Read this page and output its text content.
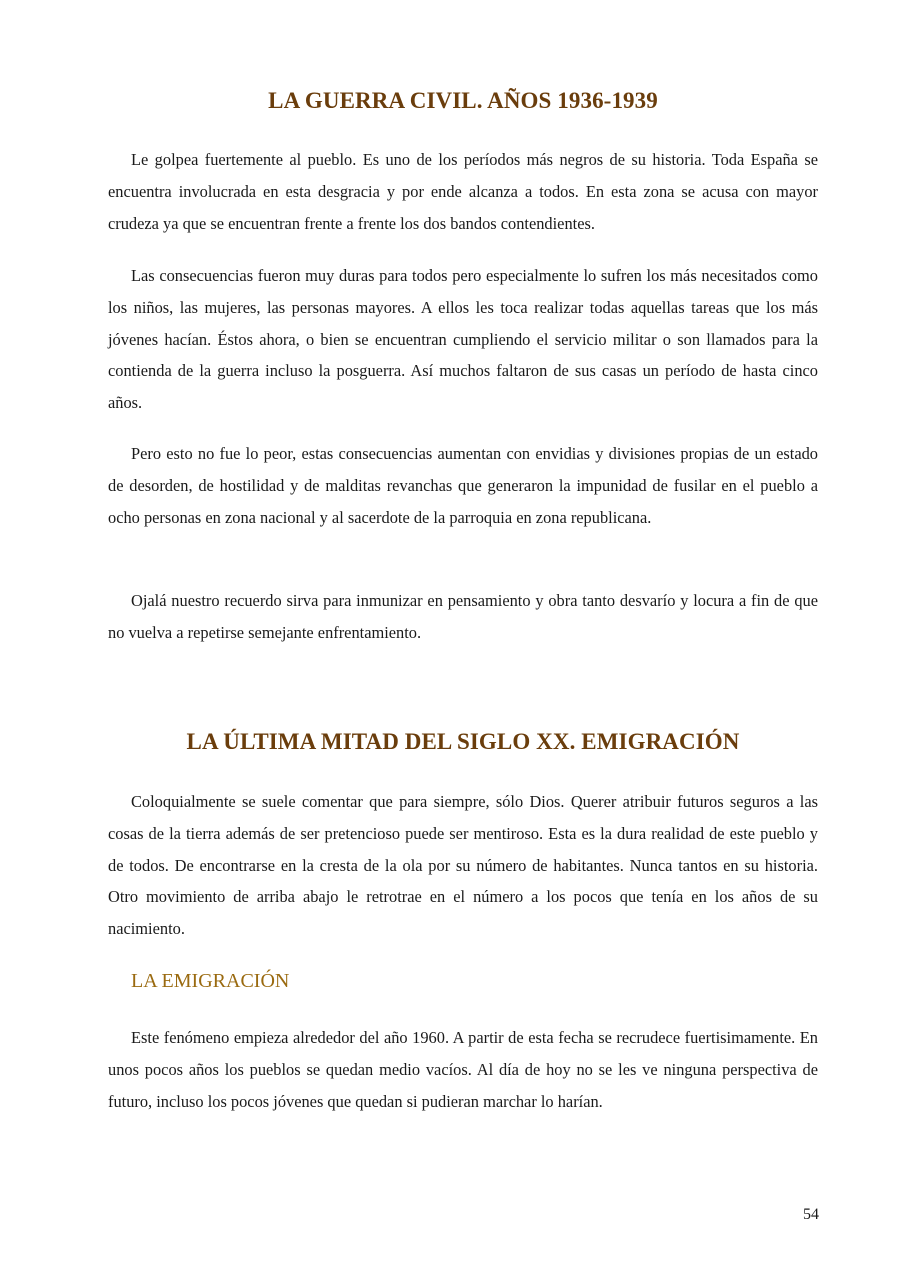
LA GUERRA CIVIL. AÑOS 1936-1939

Le golpea fuertemente al pueblo. Es uno de los períodos más negros de su historia. Toda España se encuentra involucrada en esta desgracia y por ende alcanza a todos. En esta zona se acusa con mayor crudeza ya que se encuentran frente a frente los dos bandos contendientes.

Las consecuencias fueron muy duras para todos pero especialmente lo sufren los más necesitados como los niños, las mujeres, las personas mayores. A ellos les toca realizar todas aquellas tareas que los más jóvenes hacían. Éstos ahora, o bien se encuentran cumpliendo el servicio militar o son llamados para la contienda de la guerra incluso la posguerra. Así muchos faltaron de sus casas un período de hasta cinco años.

Pero esto no fue lo peor, estas consecuencias aumentan con envidias y divisiones propias de un estado de desorden, de hostilidad y de malditas revanchas que generaron la impunidad de fusilar en el pueblo a ocho personas en zona nacional y al sacerdote de la parroquia en zona republicana.

Ojalá nuestro recuerdo sirva para inmunizar en pensamiento y obra tanto desvarío y locura a fin de que no vuelva a repetirse semejante enfrentamiento.

LA ÚLTIMA MITAD DEL SIGLO XX. EMIGRACIÓN

Coloquialmente se suele comentar que para siempre, sólo Dios. Querer atribuir futuros seguros a las cosas de la tierra además de ser pretencioso puede ser mentiroso. Esta es la dura realidad de este pueblo y de todos. De encontrarse en la cresta de la ola por su número de habitantes. Nunca tantos en su historia. Otro movimiento de arriba abajo le retrotrae en el número a los pocos que tenía en los años de su nacimiento.

LA EMIGRACIÓN

Este fenómeno empieza alrededor del año 1960. A partir de esta fecha se recrudece fuertisimamente. En unos pocos años los pueblos se quedan medio vacíos. Al día de hoy no se les ve ninguna perspectiva de futuro, incluso los pocos jóvenes que quedan si pudieran marchar lo harían.

54
